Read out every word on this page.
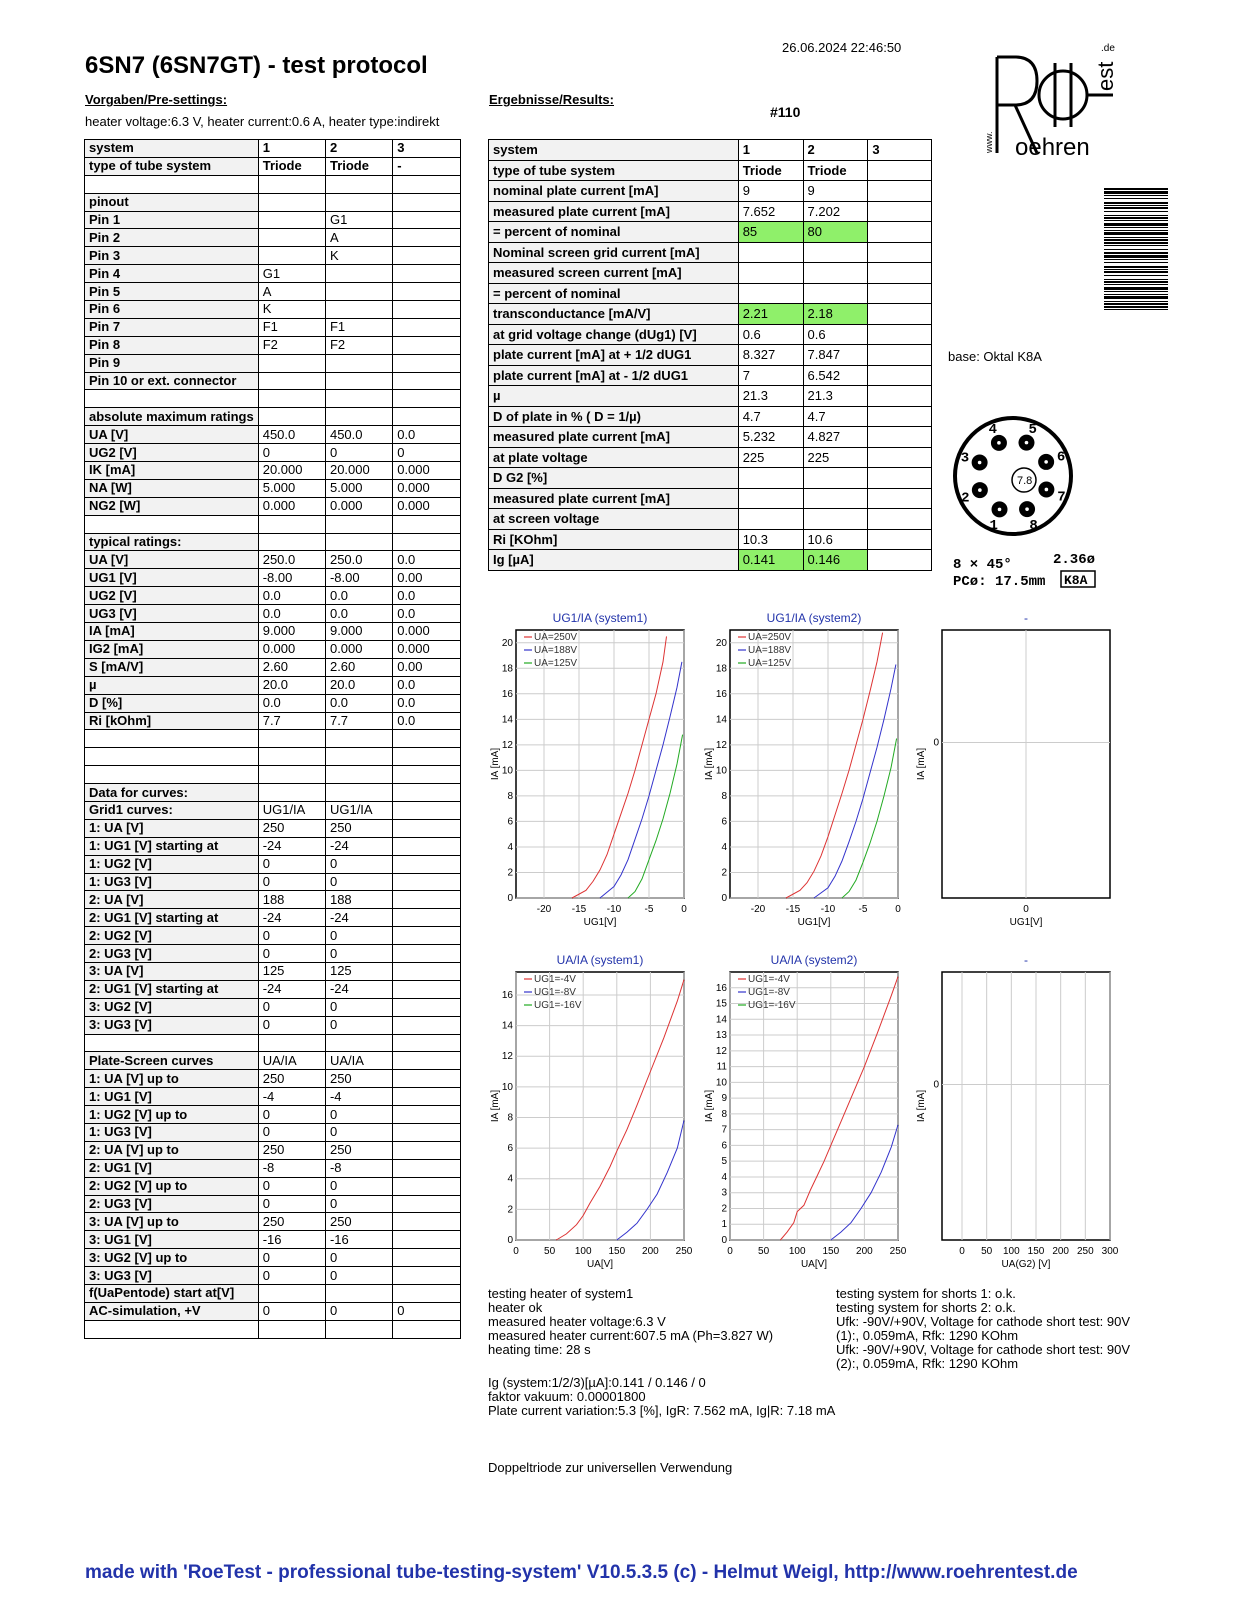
6SN7 (6SN7GT) - test protocol
26.06.2024 22:46:50
Vorgaben/Pre-settings:
heater voltage:6.3 V, heater current:0.6 A, heater type:indirekt
Ergebnisse/Results:
#110
oehren
www.
est
.de
base: Oktal K8A
7.8
1
2
3
4 5
6
7
8
8 × 45°
PCø: 17.5mm
2.36ø
K8A
system	1	2	3
type of tube system	Triode	Triode	-

pinout			
Pin 1		G1	
Pin 2		A	
Pin 3		K	
Pin 4	G1		
Pin 5	A		
Pin 6	K		
Pin 7	F1	F1	
Pin 8	F2	F2	
Pin 9			
Pin 10 or ext. connector			

absolute maximum ratings			
UA [V]	450.0	450.0	0.0
UG2 [V]	0	0	0
IK [mA]	20.000	20.000	0.000
NA [W]	5.000	5.000	0.000
NG2 [W]	0.000	0.000	0.000

typical ratings:			
UA [V]	250.0	250.0	0.0
UG1 [V]	-8.00	-8.00	0.00
UG2 [V]	0.0	0.0	0.0
UG3 [V]	0.0	0.0	0.0
IA [mA]	9.000	9.000	0.000
IG2 [mA]	0.000	0.000	0.000
S [mA/V]	2.60	2.60	0.00
µ	20.0	20.0	0.0
D [%]	0.0	0.0	0.0
Ri [kOhm]	7.7	7.7	0.0

Data for curves:			
Grid1 curves:	UG1/IA	UG1/IA	
1: UA [V]	250	250	
1: UG1 [V] starting at	-24	-24	
1: UG2 [V]	0	0	
1: UG3 [V]	0	0	
2: UA [V]	188	188	
2: UG1 [V] starting at	-24	-24	
2: UG2 [V]	0	0	
2: UG3 [V]	0	0	
3: UA [V]	125	125	
2: UG1 [V] starting at	-24	-24	
3: UG2 [V]	0	0	
3: UG3 [V]	0	0	

Plate-Screen curves	UA/IA	UA/IA	
1: UA [V] up to	250	250	
1: UG1 [V]	-4	-4	
1: UG2 [V] up to	0	0	
1: UG3 [V]	0	0	
2: UA [V] up to	250	250	
2: UG1 [V]	-8	-8	
2: UG2 [V] up to	0	0	
2: UG3 [V]	0	0	
3: UA [V] up to	250	250	
3: UG1 [V]	-16	-16	
3: UG2 [V] up to	0	0	
3: UG3 [V]	0	0	
f(UaPentode) start at[V]			
AC-simulation, +V	0	0	0

system	1	2	3
type of tube system	Triode	Triode	
nominal plate current [mA]	9	9	
measured plate current [mA]	7.652	7.202	
= percent of nominal	85	80	
Nominal screen grid current [mA]			
measured screen current [mA]			
= percent of nominal			
transconductance [mA/V]	2.21	2.18	
at grid voltage change (dUg1) [V]	0.6	0.6	
plate current [mA] at + 1/2 dUG1	8.327	7.847	
plate current [mA] at - 1/2 dUG1	7	6.542	
µ	21.3	21.3	
D of plate in % ( D = 1/µ)	4.7	4.7	
measured plate current [mA]	5.232	4.827	
at plate voltage	225	225	
D G2 [%]			
measured plate current [mA]			
at screen voltage			
Ri [KOhm]	10.3	10.6	
Ig [µA]	0.141	0.146	
UG1/IA (system1)
-20 -15 -10 -5	0
0
2
4
6
8
10
12
14
16
18
20
UG1[V]
IA [mA]
UA=250V
UA=188V
UA=125V
UG1/IA (system2)
-20 -15 -10 -5	0
0
2
4
6
8
10
12
14
16
18
20
UG1[V]
IA [mA]
UA=250V
UA=188V
UA=125V
-
0
0
UG1[V]
IA [mA]
UA/IA (system1)
0	50 100 150 200 250
0
2
4
6
8
10
12
14
16
UA[V]
IA [mA]
UG1=-4V
UG1=-8V
UG1=-16V
UA/IA (system2)
0	50 100 150 200 250
0
1
2
3
4
5
6
7
8
9
10
11
12
13
14
15
16
UA[V]
IA [mA]
UG1=-4V
UG1=-8V
UG1=-16V
-
0 50 100 150 200 250 300
0
UA(G2) [V]
IA [mA]
testing heater of system1
heater ok
measured heater voltage:6.3 V
measured heater current:607.5 mA (Ph=3.827 W)
heating time: 28 s
testing system for shorts 1: o.k.
testing system for shorts 2: o.k.
Ufk: -90V/+90V, Voltage for cathode short test: 90V
(1):, 0.059mA, Rfk: 1290 KOhm
Ufk: -90V/+90V, Voltage for cathode short test: 90V
(2):, 0.059mA, Rfk: 1290 KOhm
Ig (system:1/2/3)[µA]:0.141 / 0.146 / 0
faktor vakuum: 0.00001800
Plate current variation:5.3 [%], IgR: 7.562 mA, Ig|R: 7.18 mA
Doppeltriode zur universellen Verwendung
made with 'RoeTest - professional tube-testing-system' V10.5.3.5 (c) - Helmut Weigl, http://www.roehrentest.de
